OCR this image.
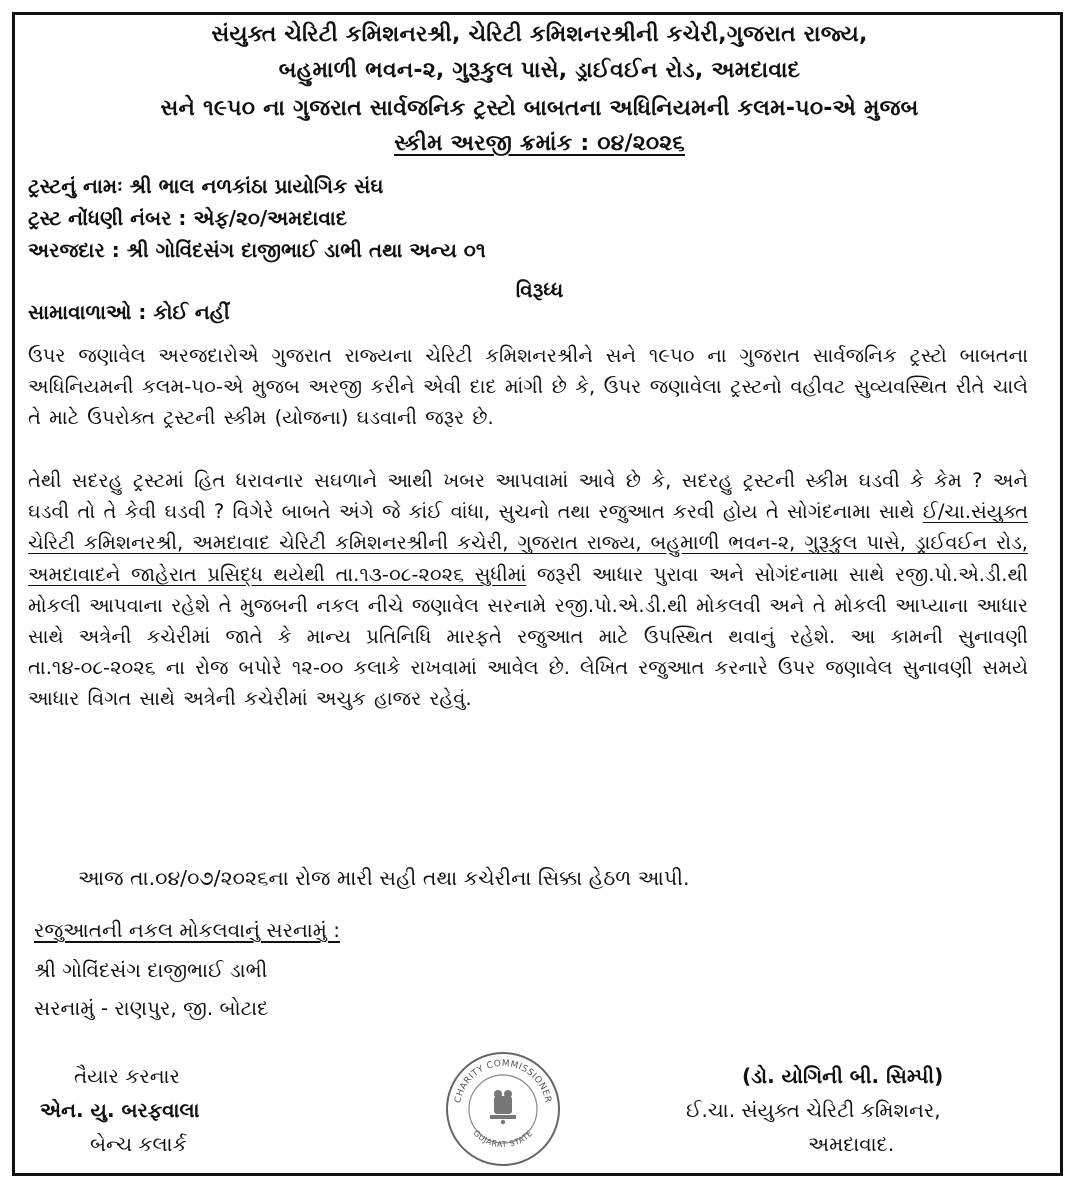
સંયુક્ત ચેરિટી કમિશનરશ્રી, ચેરિટી કમિશનરશ્રીની કચેરી,ગુજરાત રાજ્ય,
બહુમાળી ભવન-૨, ગુરૂકુલ પાસે, ડ્રાઈવઈન રોડ, અમદાવાદ
સને ૧૯૫૦ ના ગુજરાત સાર્વજનિક ટ્રસ્ટો બાબતના અધિનિયમની કલમ-૫૦-એ મુજબ
સ્કીમ અરજી ક્રમાંક : ૦૪/૨૦૨૬
ટ્રસ્ટનું નામઃ શ્રી ભાલ નળકાંઠા પ્રાયોગિક સંઘ
ટ્રસ્ટ નોંધણી નંબર : એફ/૨૦/અમદાવાદ
અરજદાર : શ્રી ગોવિંદસંગ દાજીભાઈ ડાભી તથા અન્ય ૦૧
વિરૂધ્ધ
સામાવાળાઓ : કોઈ નહીં
ઉપર જણાવેલ અરજદારોએ ગુજરાત રાજ્યના ચેરિટી કમિશનરશ્રીને સને ૧૯૫૦ ના ગુજરાત સાર્વજનિક ટ્રસ્ટો બાબતના અધિનિયમની કલમ-૫૦-એ મુજબ અરજી કરીને એવી દાદ માંગી છે કે, ઉપર જણાવેલા ટ્રસ્ટનો વહીવટ સુવ્યવસ્થિત રીતે ચાલે તે માટે ઉપરોક્ત ટ્રસ્ટની સ્કીમ (યોજના) ઘડવાની જરૂર છે.
તેથી સદરહુ ટ્રસ્ટમાં હિત ધરાવનાર સઘળાને આથી ખબર આપવામાં આવે છે કે, સદરહુ ટ્રસ્ટની સ્કીમ ઘડવી કે કેમ ? અને ઘડવી તો તે કેવી ઘડવી ? વિગેરે બાબતે અંગે જે કાંઈ વાંધા, સુચનો તથા રજુઆત કરવી હોય તે સોગંદનામા સાથે ઈ/ચા.સંયુક્ત ચેરિટી કમિશનરશ્રી, અમદાવાદ ચેરિટી કમિશનરશ્રીની કચેરી, ગુજરાત રાજ્ય, બહુમાળી ભવન-૨, ગુરૂકુલ પાસે, ડ્રાઈવઈન રોડ, અમદાવાદને જાહેરાત પ્રસિદ્ધ થયેથી તા.૧૩-૦૮-૨૦૨૬ સુધીમાં જરૂરી આધાર પુરાવા અને સોગંદનામા સાથે રજી.પો.એ.ડી.થી મોકલી આપવાના રહેશે તે મુજબની નકલ નીચે જણાવેલ સરનામે રજી.પો.એ.ડી.થી મોકલવી અને તે મોકલી આપ્યાના આધાર સાથે અત્રેની કચેરીમાં જાતે કે માન્ય પ્રતિનિધિ મારફતે રજુઆત માટે ઉપસ્થિત થવાનું રહેશે. આ કામની સુનાવણી તા.૧૪-૦૮-૨૦૨૬ ના રોજ બપોરે ૧૨-૦૦ કલાકે રાખવામાં આવેલ છે. લેખિત રજુઆત કરનારે ઉપર જણાવેલ સુનાવણી સમયે આધાર વિગત સાથે અત્રેની કચેરીમાં અચુક હાજર રહેવું.
આજ તા.૦૪/૦૭/૨૦૨૬ના રોજ મારી સહી તથા કચેરીના સિક્કા હેઠળ આપી.
રજુઆતની નકલ મોકલવાનું સરનામું :
શ્રી ગોવિંદસંગ દાજીભાઈ ડાભી
સરનામું - રાણપુર, જી. બોટાદ
તૈયાર કરનાર
એન. યુ. બરફવાલા
બેન્ચ કલાર્ક
(ડો. યોગિની બી. સિમ્પી)
ઈ.ચા. સંયુક્ત ચેરિટી કમિશનર,
અમદાવાદ.
CHARITY COMMISSIONER
GUJARAT STATE
